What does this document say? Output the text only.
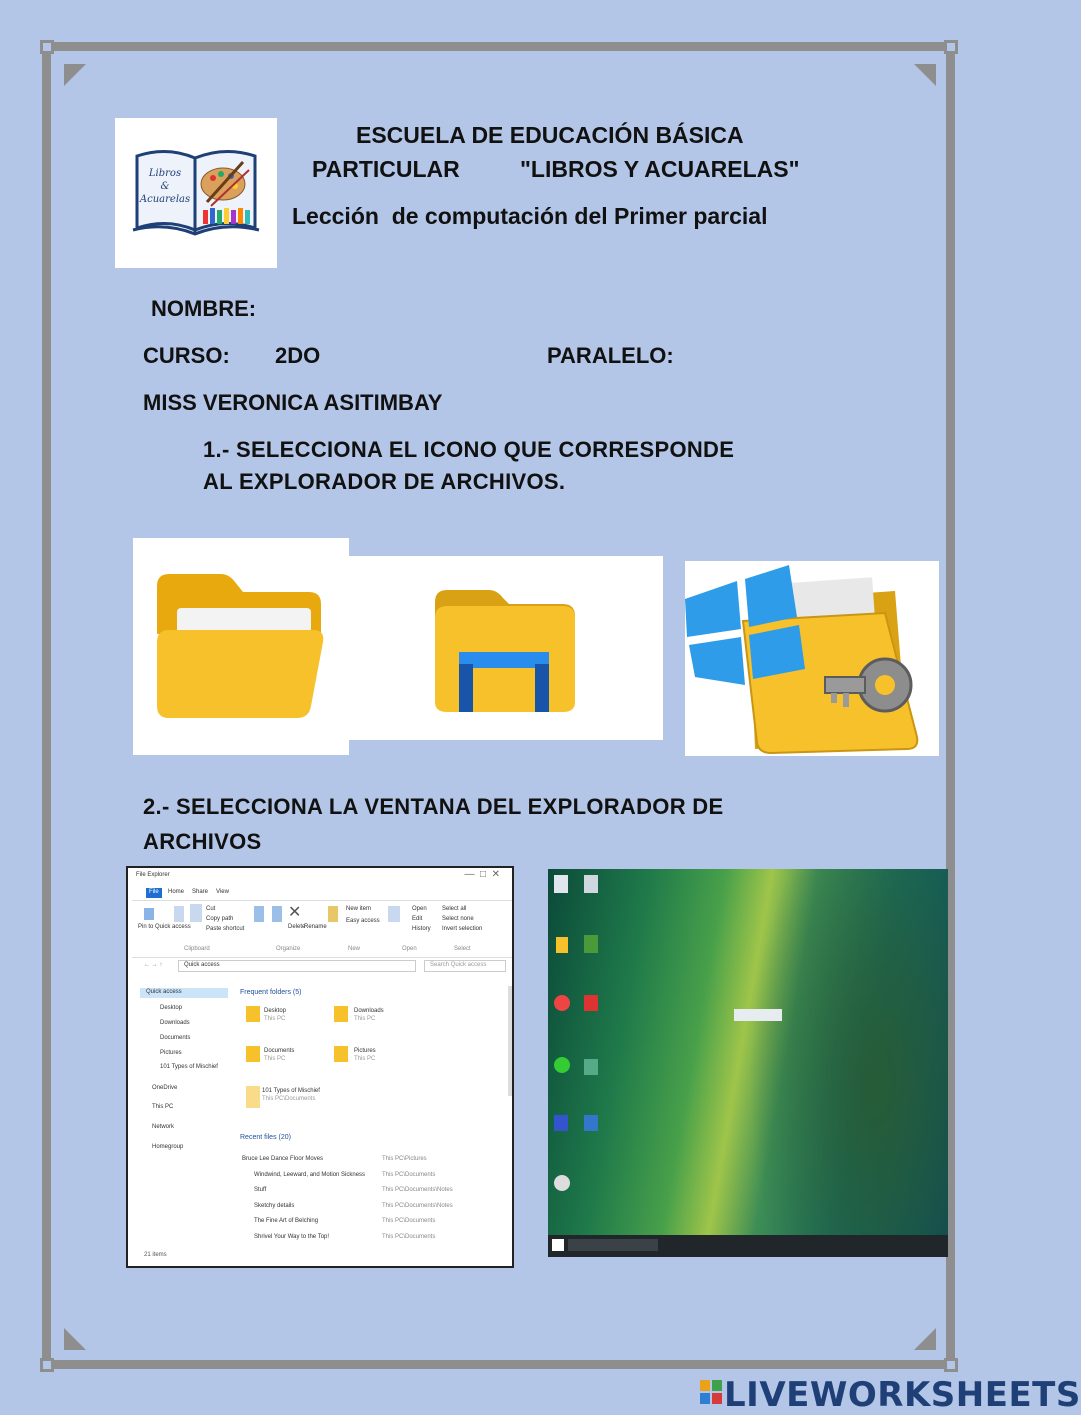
Libros
&
Acuarelas
ESCUELA DE EDUCACIÓN BÁSICA
PARTICULAR	"LIBROS Y ACUARELAS"
Lección  de computación del Primer parcial
NOMBRE:
CURSO: 2DO	PARALELO:
MISS VERONICA ASITIMBAY
1.- SELECCIONA EL ICONO QUE CORRESPONDE
AL EXPLORADOR DE ARCHIVOS.
2.- SELECCIONA LA VENTANA DEL EXPLORADOR DE
ARCHIVOS
File Explorer	—  □  ✕
File Home Share View
✕
Pin to Quick access
Cut
Copy path
Paste shortcut	Delete
Rename
New item
Easy access
Open
Edit
History
Select all
Select none
Invert selection
Clipboard	Organize	New	Open	Select
← → ↑	Quick access	Search Quick access
Quick access
Desktop
Downloads
Documents
Pictures
101 Types of Mischief
OneDrive
This PC
Network
Homegroup
Frequent folders (5)
Desktop
This PC
Downloads
This PC
Documents
This PC
Pictures
This PC
101 Types of Mischief
This PC\Documents
Recent files (20)
Bruce Lee Dance Floor Moves	This PC\Pictures
Windwind, Leeward, and Motion Sickness	This PC\Documents
Stuff	This PC\Documents\Notes
Sketchy details	This PC\Documents\Notes
The Fine Art of Belching	This PC\Documents
Shrivel Your Way to the Top!	This PC\Documents
21 items
LIVEWORKSHEETS
